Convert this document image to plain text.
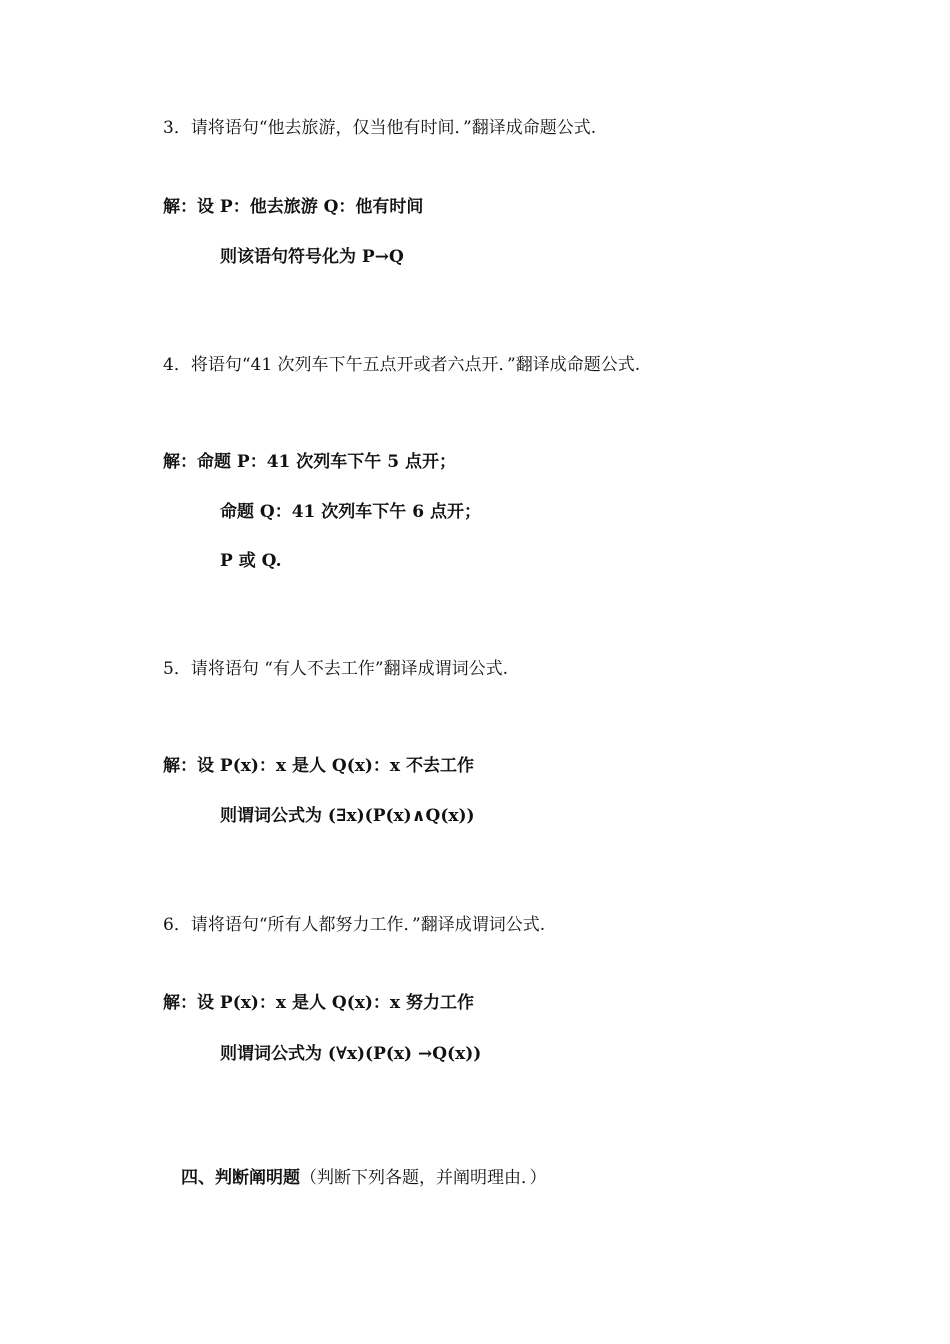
3．请将语句“他去旅游，仅当他有时间．”翻译成命题公式.
解：设 P：他去旅游 Q：他有时间
则该语句符号化为 P→Q
4．将语句“41 次列车下午五点开或者六点开．”翻译成命题公式.
解：命题 P：41 次列车下午 5 点开；
命题 Q：41 次列车下午 6 点开；
P 或 Q.
5．请将语句 “有人不去工作”翻译成谓词公式.
解：设 P(x)：x 是人 Q(x)：x 不去工作
则谓词公式为 (∃x)(P(x)∧Q(x))
6．请将语句“所有人都努力工作．”翻译成谓词公式.
解：设 P(x)：x 是人 Q(x)：x 努力工作
则谓词公式为 (∀x)(P(x) →Q(x))
四、判断阐明题（判断下列各题，并阐明理由．）
